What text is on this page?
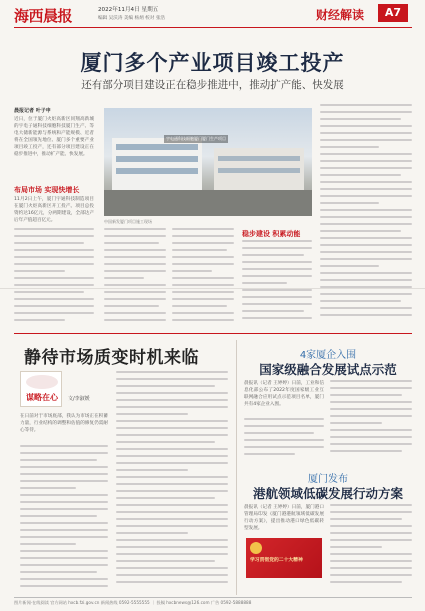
海西晨报	2022年11月4日 星期五
编辑 吴沃涛 美编 杨炳 校对 张浩	财经解读	A7
厦门多个产业项目竣工投产
还有部分项目建设正在稳步推进中，推动扩产能、快发展
晨报记者 叶子申
近日，位于厦门火炬高新区同翔高新城的宇电子通科技细胞科技厦门生产、等电大储新能源与系统和产能规模、近者将在全国领先地位、厦门多个重要产业项目竣工投产，还有部分项目建设正在稳步推进中，推动扩产能、快发展。
布局市场 实现快增长
11月2日上午，厦门宇通科技制造项目在厦门火炬高新区开工投产。项目总投资约达16亿元，分两期建设，全部达产后年产值超百亿元。
宇电通科技细胞厦门厦门生产项目
中国新发厦门项目施工现场
稳步建设 积累动能
静待市场质变时机来临
谋略在心	文/李淑媛
在日前对于市场底部，我认为市场正在积蓄力量，行业结构的调整和估值的修复仍需耐心等待。
4家厦企入围
国家级融合发展试点示范
晨报讯（记者 王婷婷）日前，工业和信息化部公布了2022年度国家级工业互联网融合应用试点示范项目名单，厦门共有4家企业入围。
厦门发布
港航领域低碳发展行动方案
晨报讯（记者 王婷婷）日前，厦门港口管理局印发《厦门港港航领域低碳发展行动方案》，提出推动港口绿色低碳转型发展。
学习贯彻党的二十大精神
图片新闻·在线阅读 官方网站 hxcb.fzi.gov.cn 新闻热线 0592-5555555 ｜ 投稿 hxcbnews@126.com 广告 0592-5888888
